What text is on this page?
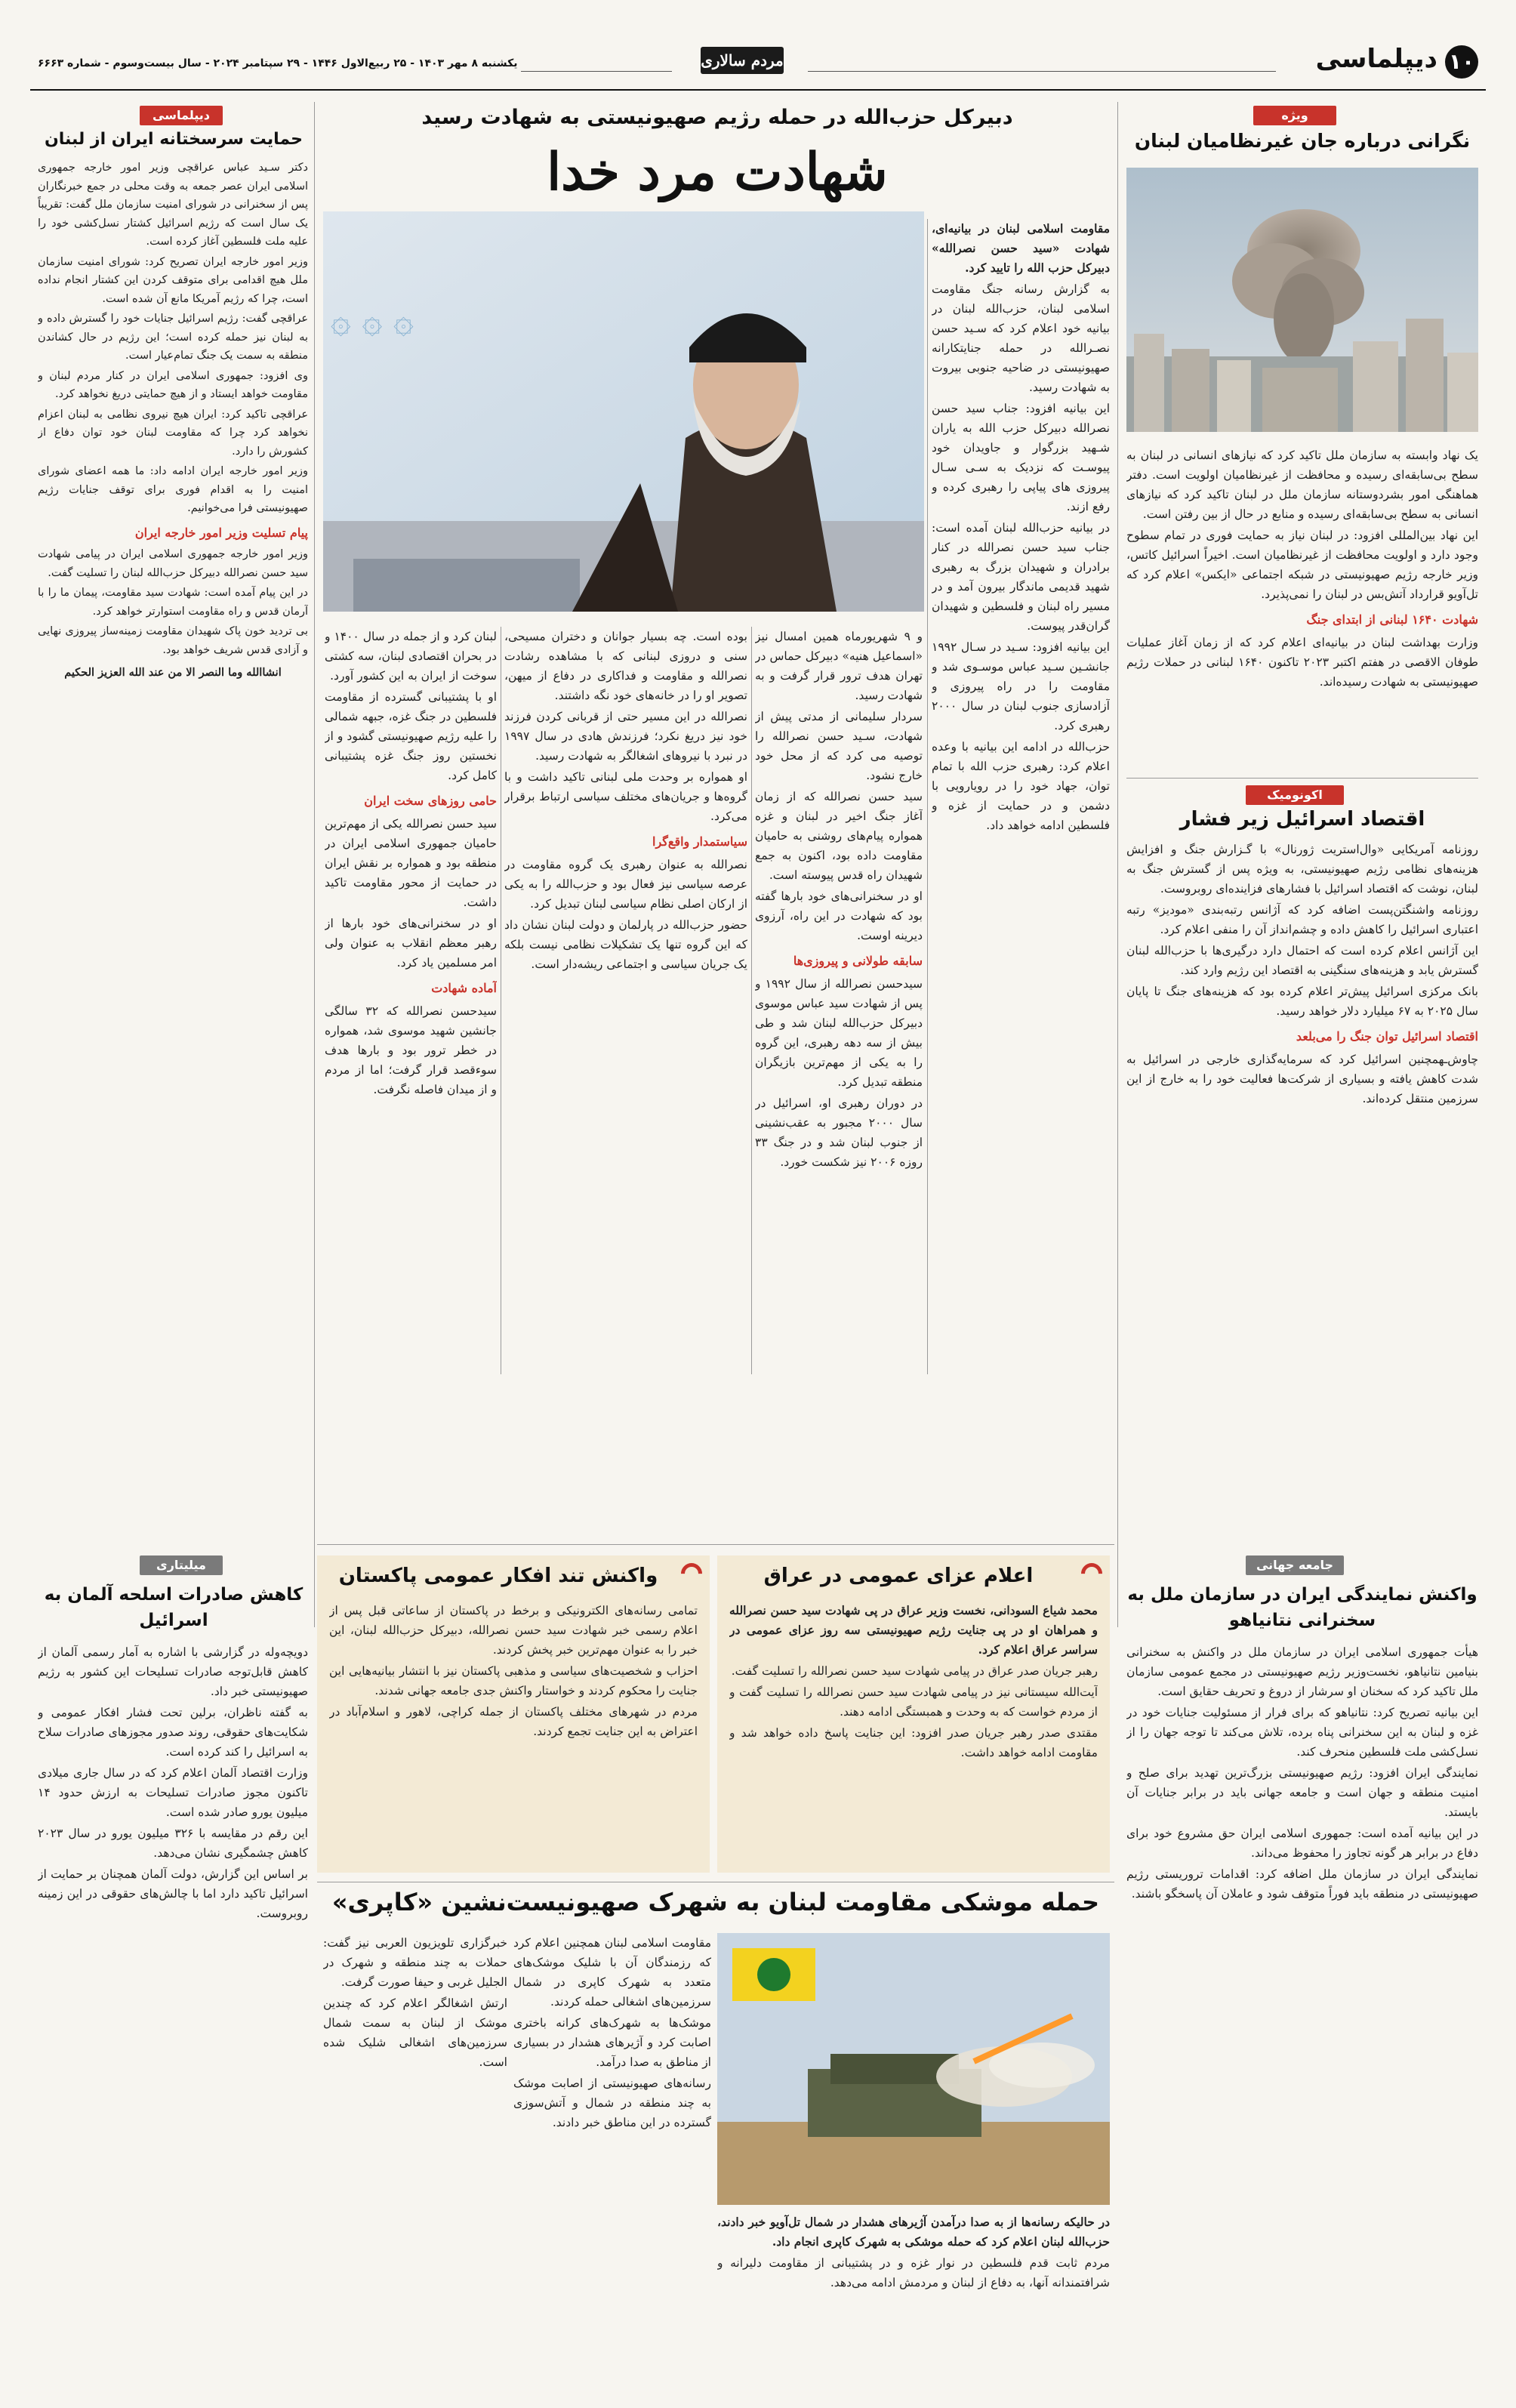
۱۰
دیپلماسی
مردم سالاری
یکشنبه ۸ مهر ۱۴۰۳ - ۲۵ ربیع‌الاول ۱۴۴۶ - ۲۹ سپتامبر ۲۰۲۴ - سال بیست‌وسوم - شماره ۶۶۶۳
ویژه
نگرانی درباره جان غیرنظامیان لبنان

یک نهاد وابسته به سازمان ملل تاکید کرد که نیازهای انسانی در لبنان به سطح بی‌سابقه‌ای رسیده و محافظت از غیرنظامیان اولویت است. دفتر هماهنگی امور بشردوستانه سازمان ملل در لبنان تاکید کرد که نیازهای انسانی به سطح بی‌سابقه‌ای رسیده و منابع در حال از بین رفتن است.

این نهاد بین‌المللی افزود: در لبنان نیاز به حمایت فوری در تمام سطوح وجود دارد و اولویت محافظت از غیرنظامیان است. اخیراً اسرائیل کاتس، وزیر خارجه رژیم صهیونیستی در شبکه اجتماعی «ایکس» اعلام کرد که تل‌آویو قرارداد آتش‌بس در لبنان را نمی‌پذیرد.

شهادت ۱۶۴۰ لبنانی از ابتدای جنگ

وزارت بهداشت لبنان در بیانیه‌ای اعلام کرد که از زمان آغاز عملیات طوفان الاقصی در هفتم اکتبر ۲۰۲۳ تاکنون ۱۶۴۰ لبنانی در حملات رژیم صهیونیستی به شهادت رسیده‌اند.

اکونومیک
اقتصاد اسرائیل زیر فشار

روزنامه آمریکایی «وال‌استریت ژورنال» با گـزارش جنگ و افزایش هزینه‌های نظامی رژیم صهیونیستی، به ویژه پس از گسترش جنگ به لبنان، نوشت که اقتصاد اسرائیل با فشارهای فزاینده‌ای روبروست.

روزنامه واشنگتن‌پست اضافه کرد که آژانس رتبه‌بندی «مودیز» رتبه اعتباری اسرائیل را کاهش داده و چشم‌انداز آن را منفی اعلام کرد.

این آژانس اعلام کرده است که احتمال دارد درگیری‌ها با حزب‌الله لبنان گسترش یابد و هزینه‌های سنگینی به اقتصاد این رژیم وارد کند.

بانک مرکزی اسرائیل پیش‌تر اعلام کرده بود که هزینه‌های جنگ تا پایان سال ۲۰۲۵ به ۶۷ میلیارد دلار خواهد رسید.

اقتصاد اسرائیل توان جنگ را می‌بلعد

چاوش‌ـهمچنین اسرائیل کرد که سرمایه‌گذاری خارجی در اسرائیل به شدت کاهش یافته و بسیاری از شرکت‌ها فعالیت خود را به خارج از این سرزمین منتقل کرده‌اند.

دیپلماسی
حمایت سرسختانه ایران از لبنان

دکتر سـید عباس عراقچی وزیر امور خارجه جمهوری اسلامی ایران عصر جمعه به وقت محلی در جمع خبرنگاران پس از سخنرانی در شورای امنیت سازمان ملل گفت: تقریباً یک سال است که رژیم اسرائیل کشتار نسل‌کشی خود را علیه ملت فلسطین آغاز کرده است.

وزیر امور خارجه ایران تصریح کرد: شورای امنیت سازمان ملل هیچ اقدامی برای متوقف کردن این کشتار انجام نداده است، چرا که رژیم آمریکا مانع آن شده است.

عراقچی گفت: رژیم اسرائیل جنایات خود را گسترش داده و به لبنان نیز حمله کرده است؛ این رژیم در حال کشاندن منطقه به سمت یک جنگ تمام‌عیار است.

وی افزود: جمهوری اسلامی ایران در کنار مردم لبنان و مقاومت خواهد ایستاد و از هیچ حمایتی دریغ نخواهد کرد.

عراقچی تاکید کرد: ایران هیچ نیروی نظامی به لبنان اعزام نخواهد کرد چرا که مقاومت لبنان خود توان دفاع از کشورش را دارد.

وزیر امور خارجه ایران ادامه داد: ما همه اعضای شورای امنیت را به اقدام فوری برای توقف جنایات رژیم صهیونیستی فرا می‌خوانیم.

پیام تسلیت وزیر امور خارجه ایران

وزیر امور خارجه جمهوری اسلامی ایران در پیامی شهادت سید حسن نصرالله دبیرکل حزب‌الله لبنان را تسلیت گفت.

در این پیام آمده است: شهادت سید مقاومت، پیمان ما را با آرمان قدس و راه مقاومت استوارتر خواهد کرد.

بی تردید خون پاک شهیدان مقاومت زمینه‌ساز پیروزی نهایی و آزادی قدس شریف خواهد بود.

انشاالله وما النصر الا من عند الله العزیز الحکیم

دبیرکل حزب‌الله در حمله رژیم صهیونیستی به شهادت رسید
شهادت مرد خدا
۞ ۞ ۞

مقاومت اسلامی لبنان در بیانیه‌ای، شهادت «سید حسن نصرالله» دبیرکل حزب الله را تایید کرد.

به گزارش رسانه جنگ مقاومت اسلامی لبنان، حزب‌الله لبنان در بیانیه خود اعلام کرد که سـید حسن نصـرالله در حمله جنایتکارانه صهیونیستی در ضاحیه جنوبی بیروت به شهادت رسید.

این بیانیه افزود: جناب سید حسن نصرالله دبیرکل حزب الله به یاران شـهید بزرگوار و جاویدان خود پیوسـت که نزدیک به سـی سـال پیروزی های پیاپی را رهبری کرده و رفع ازند.

در بیانیه حزب‌الله لبنان آمده است: جناب سید حسن نصرالله در کنار برادران و شهیدان بزرگ به رهبری شهید قدیمی ماندگار بیرون آمد و در مسیر راه لبنان و فلسطین و شهیدان گران‌قدر پیوست.

این بیانیه افزود: سـید در سـال ۱۹۹۲ جانشـین سـید عباس موسـوی شد و مقاومت را در راه پیروزی و آزادسازی جنوب لبنان در سال ۲۰۰۰ رهبری کرد.

حزب‌الله در ادامه این بیانیه با وعده اعلام کرد: رهبری حزب الله با تمام توان، جهاد خود را در رویارویی با دشمن و در حمایت از غزه و فلسطین ادامه خواهد داد.

و ۹ شهریورماه همین امسال نیز «اسماعیل هنیه» دبیرکل حماس در تهران هدف ترور قرار گرفت و به شهادت رسید.

سردار سلیمانی از مدتی پیش از شهادت، سـید حسن نصرالله را توصیه می کرد که از محل خود خارج نشود.

سید حسن نصرالله که از زمان آغاز جنگ اخیر در لبنان و غزه همواره پیام‌های روشنی به حامیان مقاومت داده بود، اکنون به جمع شهیدان راه قدس پیوسته است.

او در سخنرانی‌های خود بارها گفته بود که شهادت در این راه، آرزوی دیرینه اوست.

سابقه طولانی و پیروزی‌ها

سیدحسن نصرالله از سال ۱۹۹۲ و پس از شهادت سید عباس موسوی دبیرکل حزب‌الله لبنان شد و طی بیش از سه دهه رهبری، این گروه را به یکی از مهم‌ترین بازیگران منطقه تبدیل کرد.

در دوران رهبری او، اسرائیل در سال ۲۰۰۰ مجبور به عقب‌نشینی از جنوب لبنان شد و در جنگ ۳۳ روزه ۲۰۰۶ نیز شکست خورد.

بوده است. چه بسیار جوانان و دختران مسیحی، سنی و دروزی لبنانی که با مشاهده رشادت نصرالله و مقاومت و فداکاری در دفاع از میهن، تصویر او را در خانه‌های خود نگه داشتند.

نصرالله در این مسیر حتی از قربانی کردن فرزند خود نیز دریغ نکرد؛ فرزندش هادی در سال ۱۹۹۷ در نبرد با نیروهای اشغالگر به شهادت رسید.

او همواره بر وحدت ملی لبنانی تاکید داشت و با گروه‌ها و جریان‌های مختلف سیاسی ارتباط برقرار می‌کرد.

سیاستمدار واقع‌گرا

نصرالله به عنوان رهبری یک گروه مقاومت در عرصه سیاسی نیز فعال بود و حزب‌الله را به یکی از ارکان اصلی نظام سیاسی لبنان تبدیل کرد.

حضور حزب‌الله در پارلمان و دولت لبنان نشان داد که این گروه تنها یک تشکیلات نظامی نیست بلکه یک جریان سیاسی و اجتماعی ریشه‌دار است.

لبنان کرد و از جمله در سال ۱۴۰۰ و در بحران اقتصادی لبنان، سه کشتی سوخت از ایران به این کشور آورد.

او با پشتیبانی گسترده از مقاومت فلسطین در جنگ غزه، جبهه شمالی را علیه رژیم صهیونیستی گشود و از نخستین روز جنگ غزه پشتیبانی کامل کرد.

حامی روزهای سخت ایران

سید حسن نصرالله یکی از مهم‌ترین حامیان جمهوری اسلامی ایران در منطقه بود و همواره بر نقش ایران در حمایت از محور مقاومت تاکید داشت.

او در سخنرانی‌های خود بارها از رهبر معظم انقلاب به عنوان ولی امر مسلمین یاد کرد.

آماده شهادت

سیدحسن نصرالله که ۳۲ سالگی جانشین شهید موسوی شد، همواره در خطر ترور بود و بارها هدف سوءقصد قرار گرفت؛ اما از مردم و از میدان فاصله نگرفت.

جامعه جهانی
واکنش نمایندگی ایران در سازمان ملل به سخنرانی نتانیاهو

هیأت جمهوری اسلامی ایران در سازمان ملل در واکنش به سخنرانی بنیامین نتانیاهو، نخست‌وزیر رژیم صهیونیستی در مجمع عمومی سازمان ملل تاکید کرد که سخنان او سرشار از دروغ و تحریف حقایق است.

این بیانیه تصریح کرد: نتانیاهو که برای فرار از مسئولیت جنایات خود در غزه و لبنان به این سخنرانی پناه برده، تلاش می‌کند تا توجه جهان را از نسل‌کشی ملت فلسطین منحرف کند.

نمایندگی ایران افزود: رژیم صهیونیستی بزرگ‌ترین تهدید برای صلح و امنیت منطقه و جهان است و جامعه جهانی باید در برابر جنایات آن بایستد.

در این بیانیه آمده است: جمهوری اسلامی ایران حق مشروع خود برای دفاع در برابر هر گونه تجاوز را محفوظ می‌داند.

نمایندگی ایران در سازمان ملل اضافه کرد: اقدامات تروریستی رژیم صهیونیستی در منطقه باید فوراً متوقف شود و عاملان آن پاسخگو باشند.

اعلام عزای عمومی در عراق

محمد شیاع السودانی، نخست وزیر عراق در پی شهادت سید حسن نصرالله و همراهان او در پی جنایت رژیم صهیونیستی سه روز عزای عمومی در سراسر عراق اعلام کرد.

رهبر جریان صدر عراق در پیامی شهادت سید حسن نصرالله را تسلیت گفت.

آیت‌الله سیستانی نیز در پیامی شهادت سید حسن نصرالله را تسلیت گفت و از مردم خواست که به وحدت و همبستگی ادامه دهند.

مقتدی صدر رهبر جریان صدر افزود: این جنایت پاسخ داده خواهد شد و مقاومت ادامه خواهد داشت.

واکنش تند افکار عمومی پاکستان

تمامی رسانه‌های الکترونیکی و برخط در پاکستان از ساعاتی قبل پس از اعلام رسمی خبر شهادت سید حسن نصرالله، دبیرکل حزب‌الله لبنان، این خبر را به عنوان مهم‌ترین خبر پخش کردند.

احزاب و شخصیت‌های سیاسی و مذهبی پاکستان نیز با انتشار بیانیه‌هایی این جنایت را محکوم کردند و خواستار واکنش جدی جامعه جهانی شدند.

مردم در شهرهای مختلف پاکستان از جمله کراچی، لاهور و اسلام‌آباد در اعتراض به این جنایت تجمع کردند.

میلیتاری
کاهش صادرات اسلحه آلمان به اسرائیل

دویچه‌وله در گزارشی با اشاره به آمار رسمی آلمان از کاهش قابل‌توجه صادرات تسلیحات این کشور به رژیم صهیونیستی خبر داد.

به گفته ناظران، برلین تحت فشار افکار عمومی و شکایت‌های حقوقی، روند صدور مجوزهای صادرات سلاح به اسرائیل را کند کرده است.

وزارت اقتصاد آلمان اعلام کرد که در سال جاری میلادی تاکنون مجوز صادرات تسلیحات به ارزش حدود ۱۴ میلیون یورو صادر شده است.

این رقم در مقایسه با ۳۲۶ میلیون یورو در سال ۲۰۲۳ کاهش چشمگیری نشان می‌دهد.

بر اساس این گزارش، دولت آلمان همچنان بر حمایت از اسرائیل تاکید دارد اما با چالش‌های حقوقی در این زمینه روبروست. حمله موشکی مقاومت لبنان به شهرک صهیونیست‌نشین «کاپری»

در حالیکه رسانه‌ها از به صدا درآمدن آژیرهای هشدار در شمال تل‌آویو خبر دادند، حزب‌الله لبنان اعلام کرد که حمله موشکی به شهرک کاپری انجام داد.

مردم ثابت قدم فلسطین در نوار غزه و در پشتیبانی از مقاومت دلیرانه و شرافتمندانه آنها، به دفاع از لبنان و مردمش ادامه می‌دهد.

مقاومت اسلامی لبنان همچنین اعلام کرد که رزمندگان آن با شلیک موشک‌های متعدد به شهرک کاپری در شمال سرزمین‌های اشغالی حمله کردند.

موشک‌ها به شهرک‌های کرانه باختری اصابت کرد و آژیرهای هشدار در بسیاری از مناطق به صدا درآمد.

رسانه‌های صهیونیستی از اصابت موشک به چند منطقه در شمال و آتش‌سوزی گسترده در این مناطق خبر دادند.

خبرگزاری تلویزیون العربی نیز گفت: حملات به چند منطقه و شهرک در الجلیل غربی و حیفا صورت گرفت.

ارتش اشغالگر اعلام کرد که چندین موشک از لبنان به سمت شمال سرزمین‌های اشغالی شلیک شده است.
